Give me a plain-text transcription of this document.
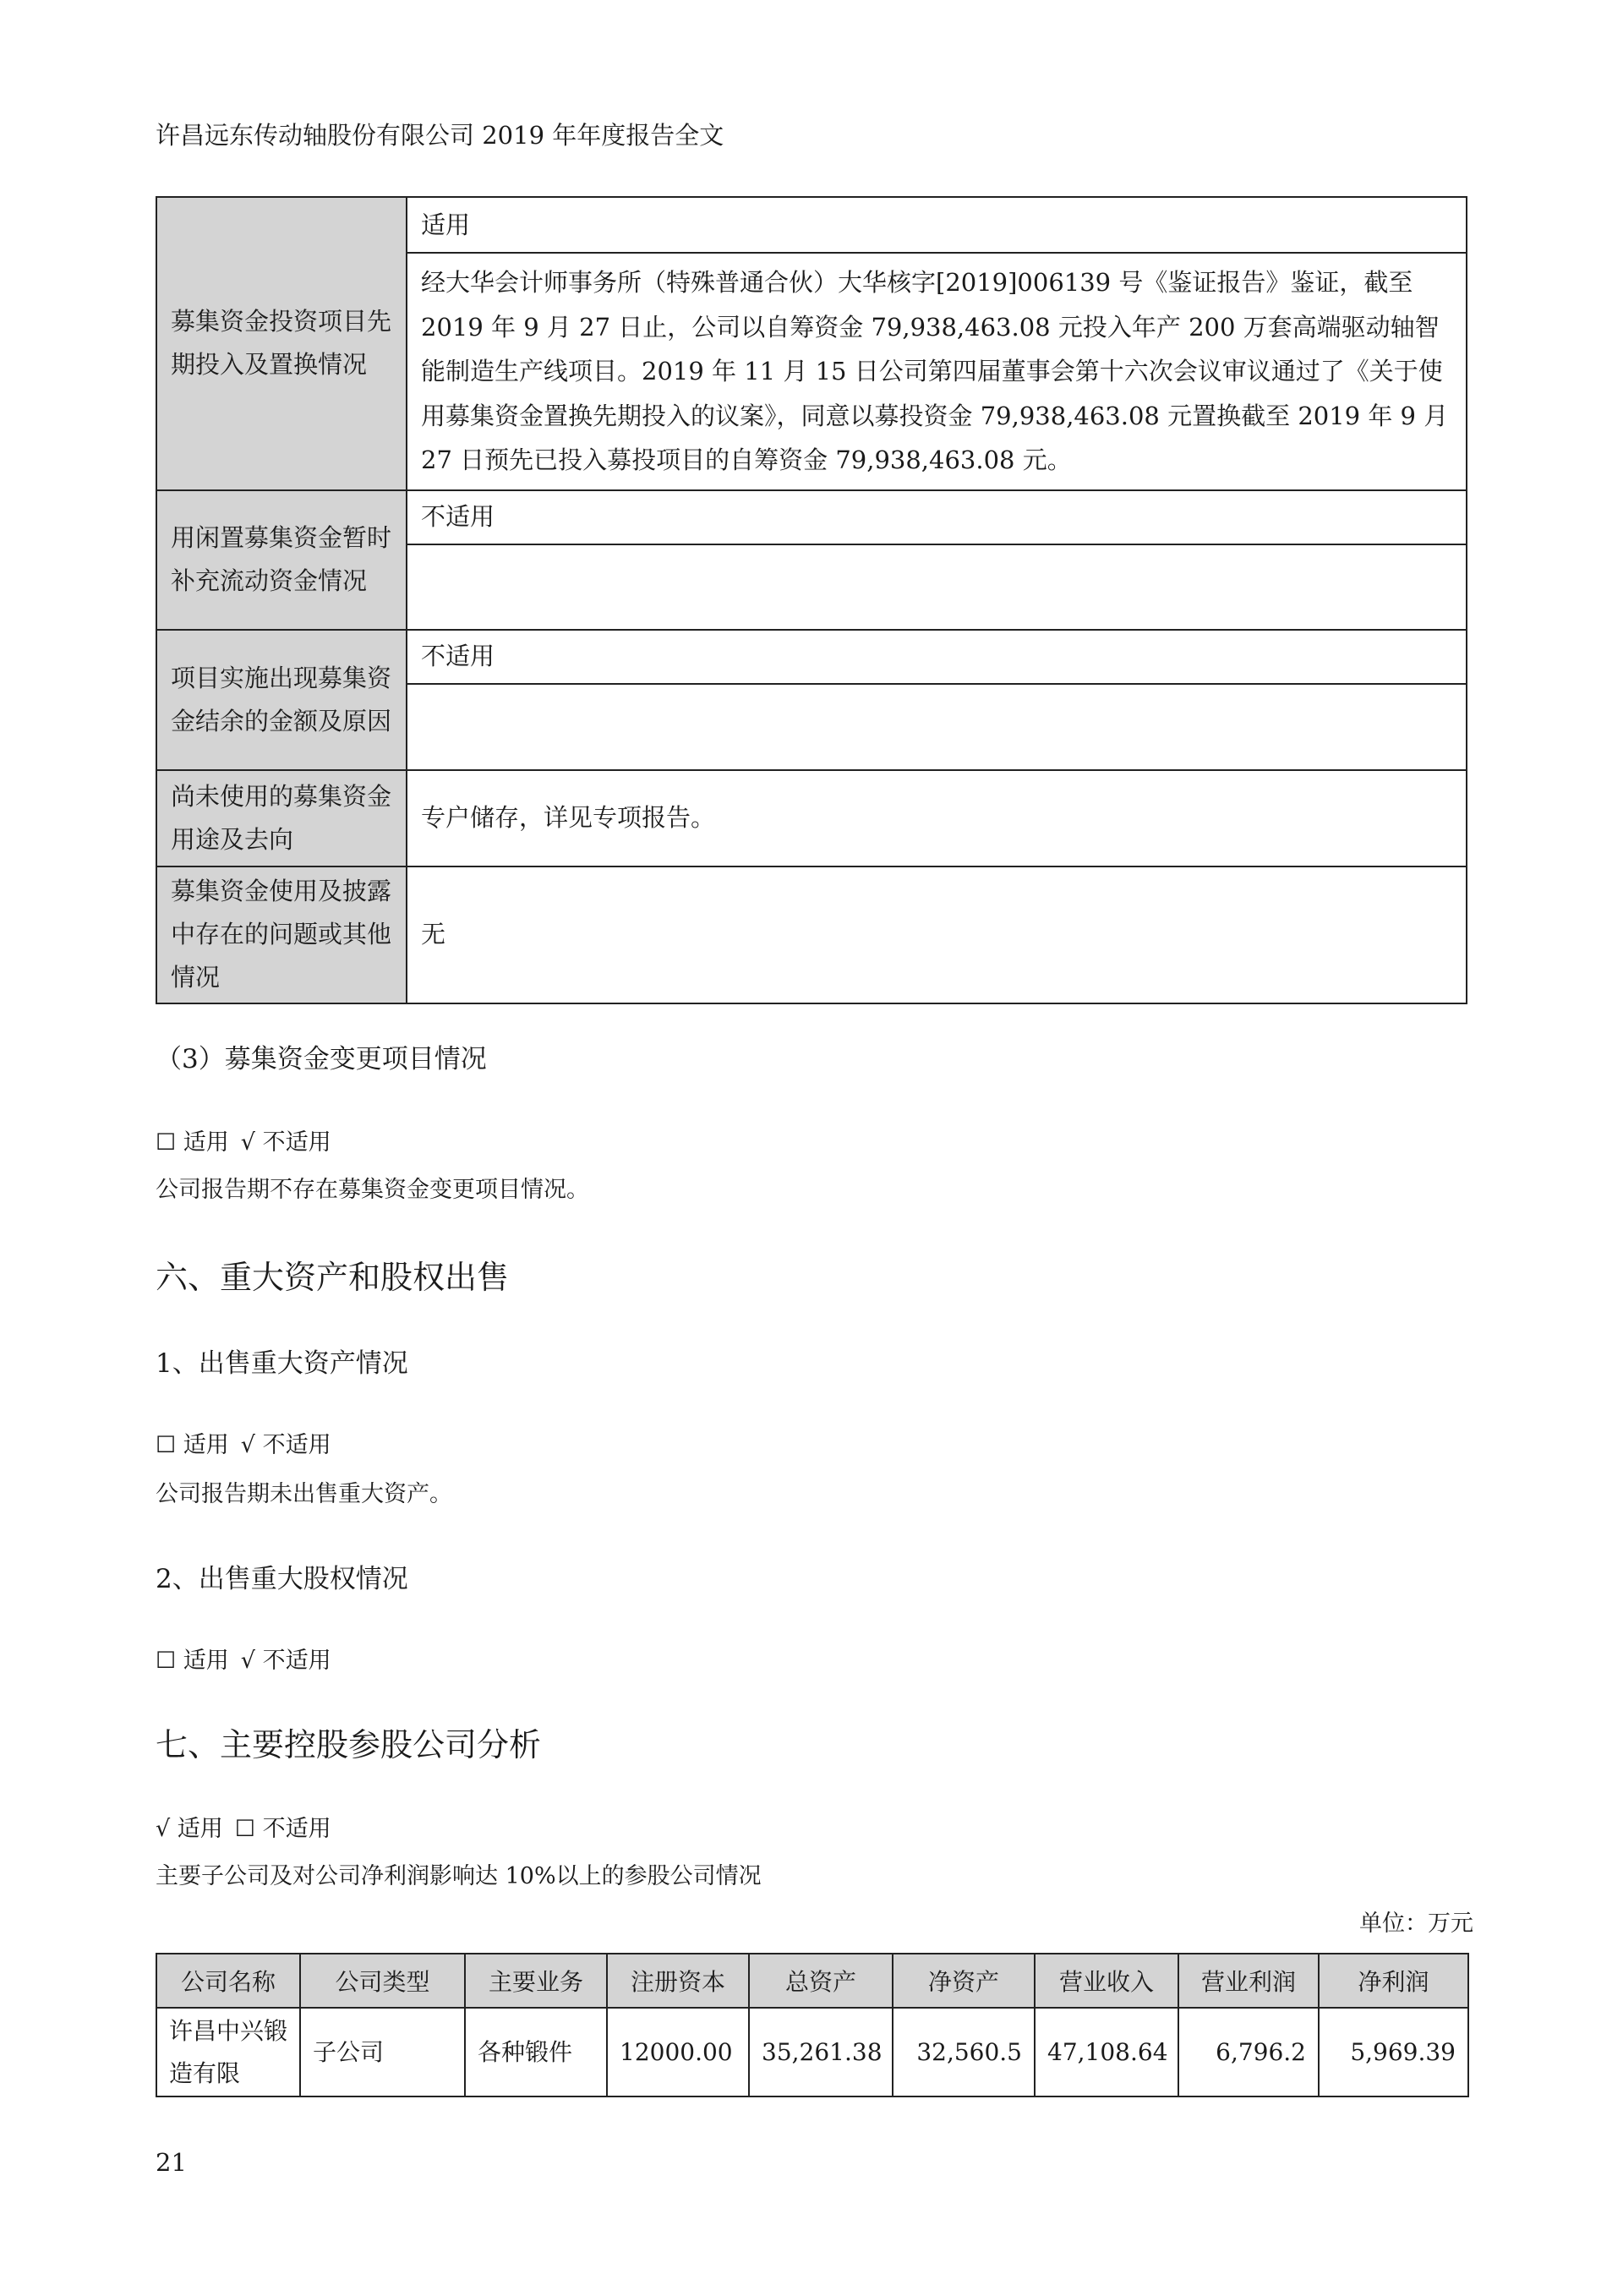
许昌远东传动轴股份有限公司 2019 年年度报告全文
募集资金投资项目先期投入及置换情况	适用
	经大华会计师事务所（特殊普通合伙）大华核字[2019]006139 号《鉴证报告》鉴证，截至 2019 年 9 月 27 日止，公司以自筹资金 79,938,463.08 元投入年产 200 万套高端驱动轴智能制造生产线项目。2019 年 11 月 15 日公司第四届董事会第十六次会议审议通过了《关于使用募集资金置换先期投入的议案》，同意以募投资金 79,938,463.08 元置换截至 2019 年 9 月 27 日预先已投入募投项目的自筹资金 79,938,463.08 元。
用闲置募集资金暂时补充流动资金情况	不适用

项目实施出现募集资金结余的金额及原因	不适用

尚未使用的募集资金用途及去向	专户储存，详见专项报告。
募集资金使用及披露中存在的问题或其他情况	无
（3）募集资金变更项目情况
☐ 适用 √ 不适用
公司报告期不存在募集资金变更项目情况。
六、重大资产和股权出售
1、出售重大资产情况
☐ 适用 √ 不适用
公司报告期未出售重大资产。
2、出售重大股权情况
☐ 适用 √ 不适用
七、主要控股参股公司分析
√ 适用 ☐ 不适用
主要子公司及对公司净利润影响达 10%以上的参股公司情况
单位：万元
公司名称	公司类型	主要业务	注册资本	总资产	净资产	营业收入	营业利润	净利润
许昌中兴锻造有限	子公司	各种锻件	12000.00	35,261.38	32,560.5	47,108.64	6,796.2	5,969.39
21
